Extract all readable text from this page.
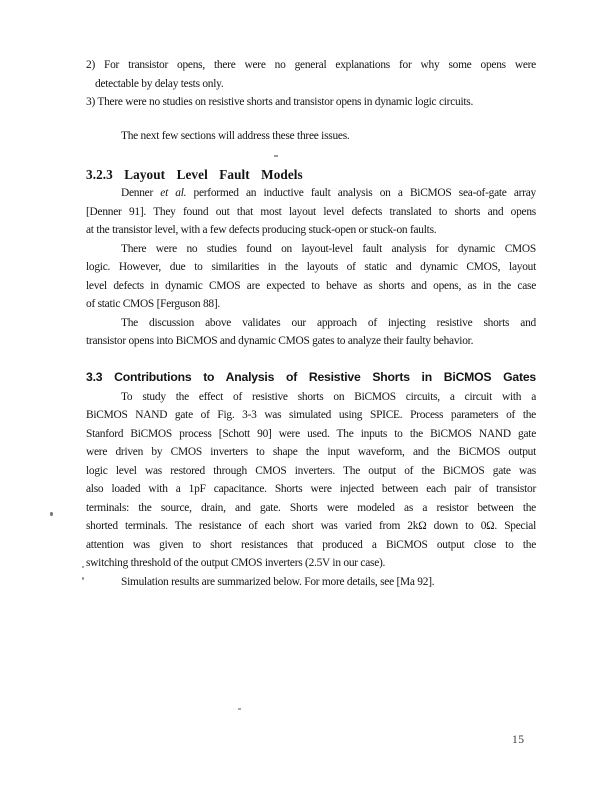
2) For transistor opens, there were no general explanations for why some opens were
detectable by delay tests only.
3) There were no studies on resistive shorts and transistor opens in dynamic logic circuits.
The next few sections will address these three issues.
3.2.3 Layout Level Fault Models
Denner et al. performed an inductive fault analysis on a BiCMOS sea-of-gate array
[Denner 91]. They found out that most layout level defects translated to shorts and opens
at the transistor level, with a few defects producing stuck-open or stuck-on faults.
There were no studies found on layout-level fault analysis for dynamic CMOS
logic. However, due to similarities in the layouts of static and dynamic CMOS, layout
level defects in dynamic CMOS are expected to behave as shorts and opens, as in the case
of static CMOS [Ferguson 88].
The discussion above validates our approach of injecting resistive shorts and
transistor opens into BiCMOS and dynamic CMOS gates to analyze their faulty behavior.
3.3 Contributions to Analysis of Resistive Shorts in BiCMOS Gates
To study the effect of resistive shorts on BiCMOS circuits, a circuit with a
BiCMOS NAND gate of Fig. 3-3 was simulated using SPICE. Process parameters of the
Stanford BiCMOS process [Schott 90] were used. The inputs to the BiCMOS NAND gate
were driven by CMOS inverters to shape the input waveform, and the BiCMOS output
logic level was restored through CMOS inverters. The output of the BiCMOS gate was
also loaded with a 1pF capacitance. Shorts were injected between each pair of transistor
terminals: the source, drain, and gate. Shorts were modeled as a resistor between the
shorted terminals. The resistance of each short was varied from 2kΩ down to 0Ω. Special
attention was given to short resistances that produced a BiCMOS output close to the
switching threshold of the output CMOS inverters (2.5V in our case).
Simulation results are summarized below. For more details, see [Ma 92].
15
